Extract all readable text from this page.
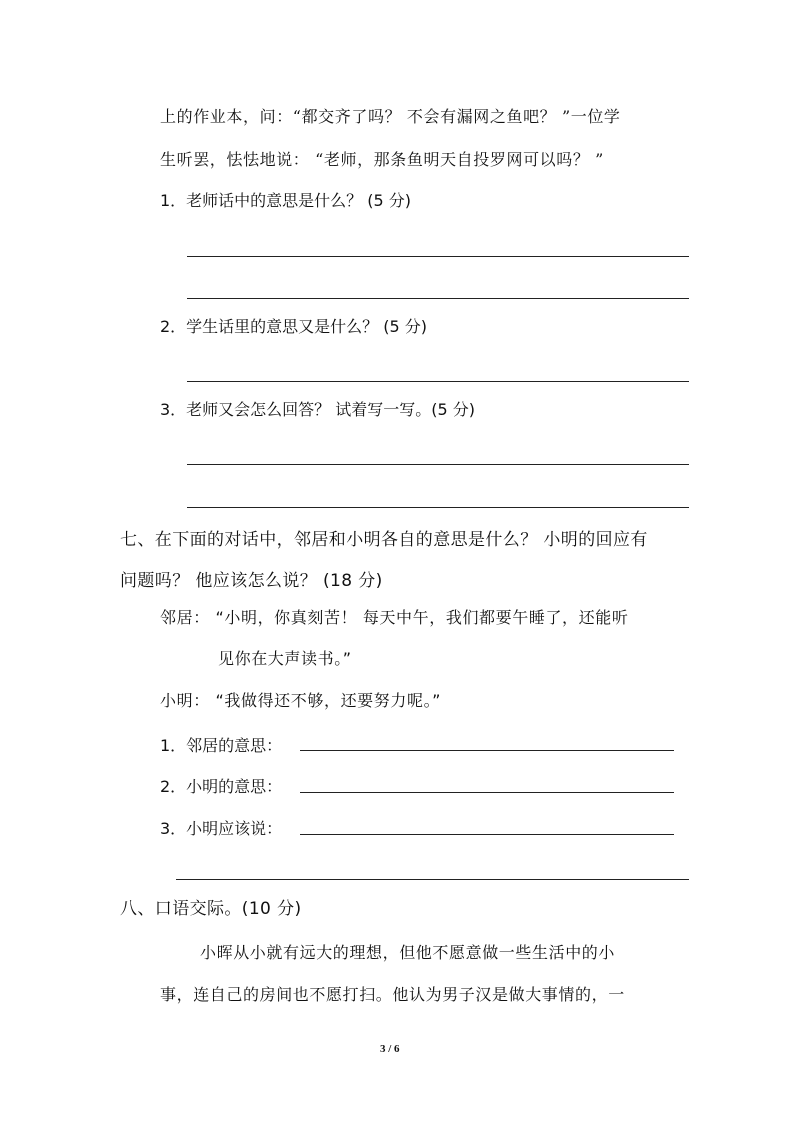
上的作业本，问：“都交齐了吗？ 不会有漏网之鱼吧？ ”一位学
生听罢，怯怯地说： “老师，那条鱼明天自投罗网可以吗？ ”
1．老师话中的意思是什么？ (5 分)
2．学生话里的意思又是什么？ (5 分)
3．老师又会怎么回答？ 试着写一写。(5 分)
七、在下面的对话中，邻居和小明各自的意思是什么？ 小明的回应有
问题吗？ 他应该怎么说？ (18 分)
邻居： “小明，你真刻苦！ 每天中午，我们都要午睡了，还能听
见你在大声读书。”
小明： “我做得还不够，还要努力呢。”
1．邻居的意思：
2．小明的意思：
3．小明应该说：
八、口语交际。(10 分)
小晖从小就有远大的理想，但他不愿意做一些生活中的小
事，连自己的房间也不愿打扫。他认为男子汉是做大事情的，一
3 / 6
